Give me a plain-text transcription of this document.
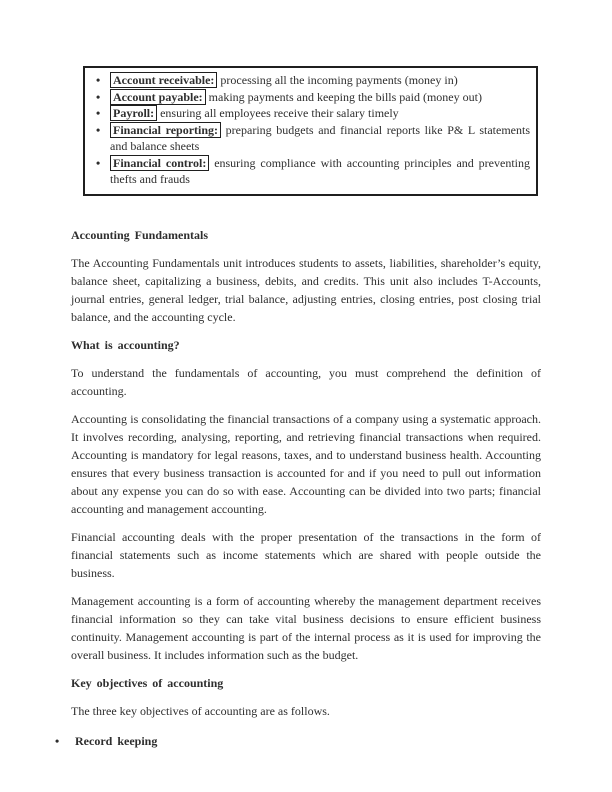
• Account receivable: processing all the incoming payments (money in)
• Account payable: making payments and keeping the bills paid (money out)
• Payroll: ensuring all employees receive their salary timely
• Financial reporting: preparing budgets and financial reports like P& L statements and balance sheets
• Financial control: ensuring compliance with accounting principles and preventing thefts and frauds
Accounting Fundamentals

The Accounting Fundamentals unit introduces students to assets, liabilities, shareholder’s equity, balance sheet, capitalizing a business, debits, and credits. This unit also includes T-Accounts, journal entries, general ledger, trial balance, adjusting entries, closing entries, post closing trial balance, and the accounting cycle.

What is accounting?

To understand the fundamentals of accounting, you must comprehend the definition of accounting.

Accounting is consolidating the financial transactions of a company using a systematic approach. It involves recording, analysing, reporting, and retrieving financial transactions when required. Accounting is mandatory for legal reasons, taxes, and to understand business health. Accounting ensures that every business transaction is accounted for and if you need to pull out information about any expense you can do so with ease. Accounting can be divided into two parts; financial accounting and management accounting.

Financial accounting deals with the proper presentation of the transactions in the form of financial statements such as income statements which are shared with people outside the business.

Management accounting is a form of accounting whereby the management department receives financial information so they can take vital business decisions to ensure efficient business continuity. Management accounting is part of the internal process as it is used for improving the overall business. It includes information such as the budget.

Key objectives of accounting

The three key objectives of accounting are as follows.

• Record keeping
